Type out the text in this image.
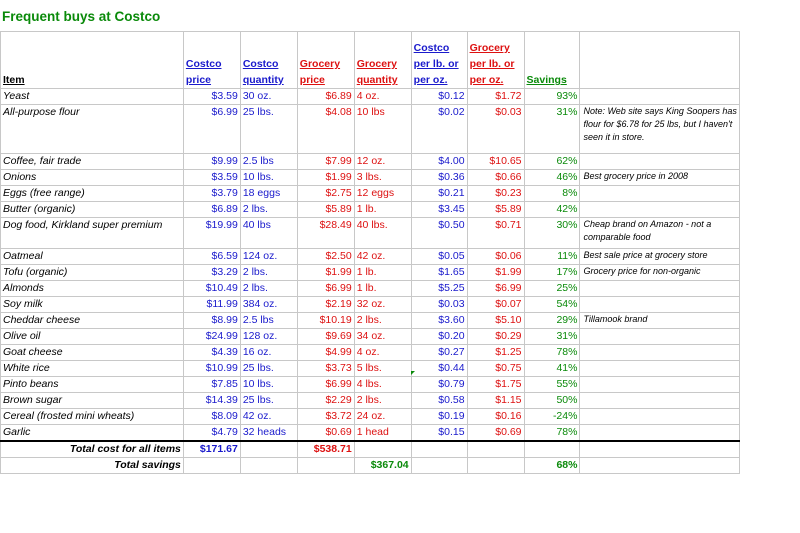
Frequent buys at Costco
Item	Costco price	Costco quantity	Grocery price	Grocery quantity	Costco per lb. or per oz.	Grocery per lb. or per oz.	Savings	
Yeast	$3.59	30 oz.	$6.89	4 oz.	$0.12	$1.72	93%	
All-purpose flour	$6.99	25 lbs.	$4.08	10 lbs	$0.02	$0.03	31%	Note: Web site says King Soopers has flour for $6.78 for 25 lbs, but I haven't seen it in store.
Coffee, fair trade	$9.99	2.5 lbs	$7.99	12 oz.	$4.00	$10.65	62%	
Onions	$3.59	10 lbs.	$1.99	3 lbs.	$0.36	$0.66	46%	Best grocery price in 2008
Eggs (free range)	$3.79	18 eggs	$2.75	12 eggs	$0.21	$0.23	8%	
Butter (organic)	$6.89	2 lbs.	$5.89	1 lb.	$3.45	$5.89	42%	
Dog food, Kirkland super premium	$19.99	40 lbs	$28.49	40 lbs.	$0.50	$0.71	30%	Cheap brand on Amazon - not a comparable food
Oatmeal	$6.59	124 oz.	$2.50	42 oz.	$0.05	$0.06	11%	Best sale price at grocery store
Tofu (organic)	$3.29	2 lbs.	$1.99	1 lb.	$1.65	$1.99	17%	Grocery price for non-organic
Almonds	$10.49	2 lbs.	$6.99	1 lb.	$5.25	$6.99	25%	
Soy milk	$11.99	384 oz.	$2.19	32 oz.	$0.03	$0.07	54%	
Cheddar cheese	$8.99	2.5 lbs	$10.19	2 lbs.	$3.60	$5.10	29%	Tillamook brand
Olive oil	$24.99	128 oz.	$9.69	34 oz.	$0.20	$0.29	31%	
Goat cheese	$4.39	16 oz.	$4.99	4 oz.	$0.27	$1.25	78%	
White rice	$10.99	25 lbs.	$3.73	5 lbs.	$0.44	$0.75	41%	
Pinto beans	$7.85	10 lbs.	$6.99	4 lbs.	$0.79	$1.75	55%	
Brown sugar	$14.39	25 lbs.	$2.29	2 lbs.	$0.58	$1.15	50%	
Cereal (frosted mini wheats)	$8.09	42 oz.	$3.72	24 oz.	$0.19	$0.16	-24%	
Garlic	$4.79	32 heads	$0.69	1 head	$0.15	$0.69	78%	
Total cost for all items	$171.67		$538.71					
Total savings				$367.04			68%	
